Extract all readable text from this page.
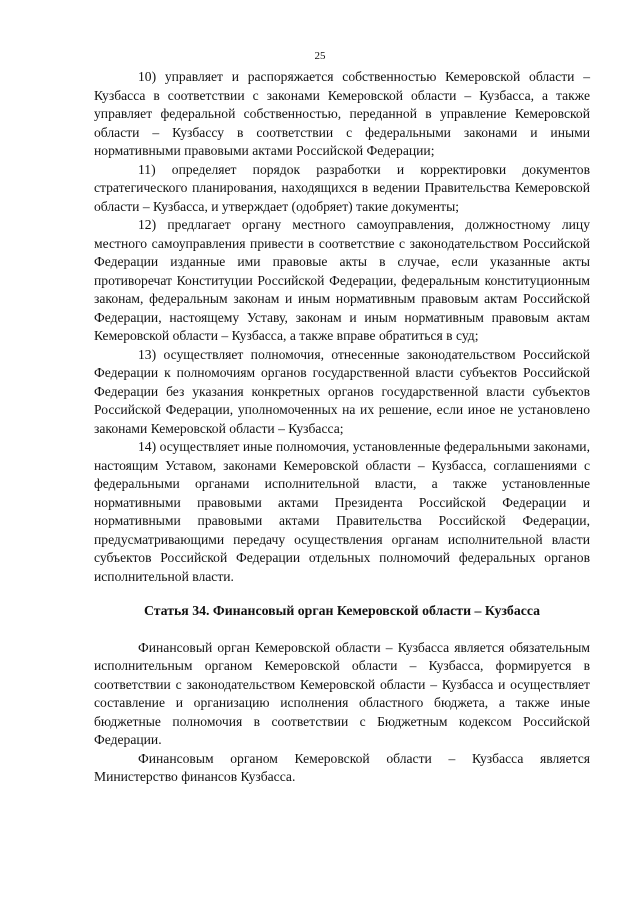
25

10) управляет и распоряжается собственностью Кемеровской области – Кузбасса в соответствии с законами Кемеровской области – Кузбасса, а также управляет федеральной собственностью, переданной в управление Кемеровской области – Кузбассу в соответствии с федеральными законами и иными нормативными правовыми актами Российской Федерации;

11) определяет порядок разработки и корректировки документов стратегического планирования, находящихся в ведении Правительства Кемеровской области – Кузбасса, и утверждает (одобряет) такие документы;

12) предлагает органу местного самоуправления, должностному лицу местного самоуправления привести в соответствие с законодательством Российской Федерации изданные ими правовые акты в случае, если указанные акты противоречат Конституции Российской Федерации, федеральным конституционным законам, федеральным законам и иным нормативным правовым актам Российской Федерации, настоящему Уставу, законам и иным нормативным правовым актам Кемеровской области – Кузбасса, а также вправе обратиться в суд;

13) осуществляет полномочия, отнесенные законодательством Российской Федерации к полномочиям органов государственной власти субъектов Российской Федерации без указания конкретных органов государственной власти субъектов Российской Федерации, уполномоченных на их решение, если иное не установлено законами Кемеровской области – Кузбасса;

14) осуществляет иные полномочия, установленные федеральными законами, настоящим Уставом, законами Кемеровской области – Кузбасса, соглашениями с федеральными органами исполнительной власти, а также установленные нормативными правовыми актами Президента Российской Федерации и нормативными правовыми актами Правительства Российской Федерации, предусматривающими передачу осуществления органам исполнительной власти субъектов Российской Федерации отдельных полномочий федеральных органов исполнительной власти.

Статья 34. Финансовый орган Кемеровской области – Кузбасса

Финансовый орган Кемеровской области – Кузбасса является обязательным исполнительным органом Кемеровской области – Кузбасса, формируется в соответствии с законодательством Кемеровской области – Кузбасса и осуществляет составление и организацию исполнения областного бюджета, а также иные бюджетные полномочия в соответствии с Бюджетным кодексом Российской Федерации.

Финансовым органом Кемеровской области – Кузбасса является Министерство финансов Кузбасса.
